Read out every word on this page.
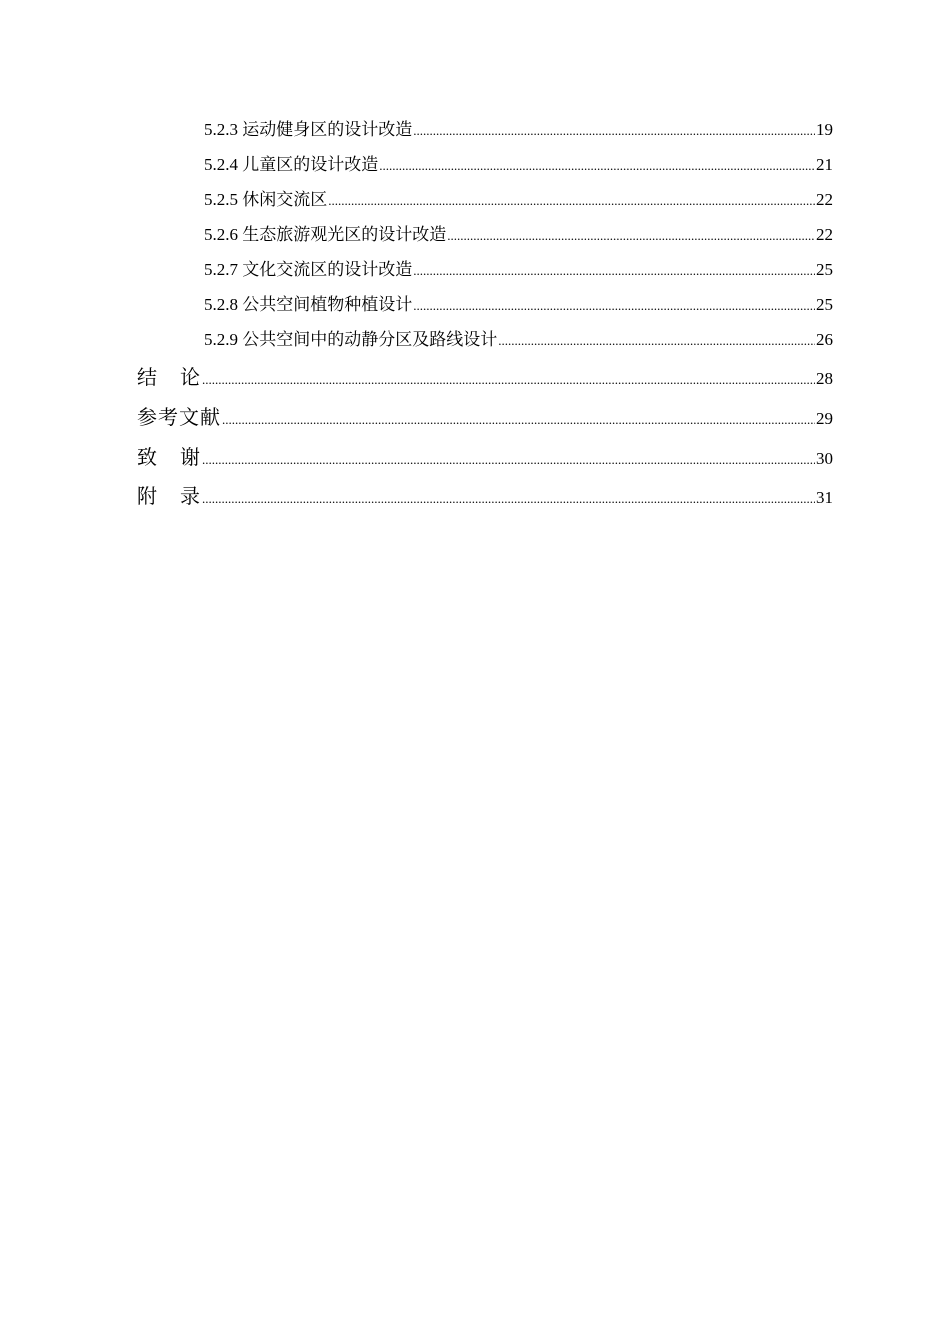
5.2.3 运动健身区的设计改造 .....	19
5.2.4 儿童区的设计改造 .....	21
5.2.5 休闲交流区 .....	22
5.2.6 生态旅游观光区的设计改造 .....	22
5.2.7 文化交流区的设计改造 .....	25
5.2.8 公共空间植物种植设计 .....	25
5.2.9 公共空间中的动静分区及路线设计 .....	26
结 论 .....	28
参考文献 .....	29
致 谢 .....	30
附 录 .....	31
